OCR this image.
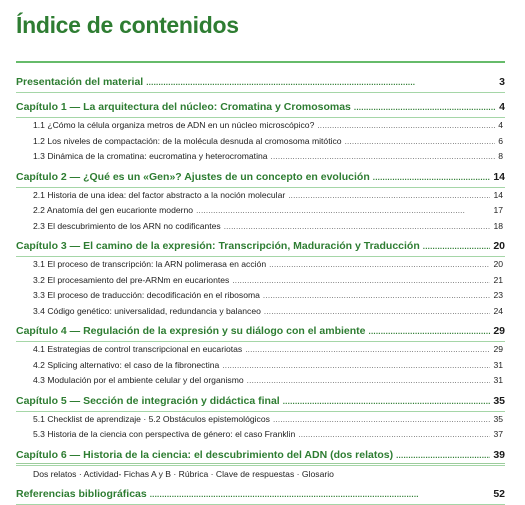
Índice de contenidos
Presentación del material . . .	3
Capítulo 1 — La arquitectura del núcleo: Cromatina y Cromosomas . . .	4
1.1 ¿Cómo la célula organiza metros de ADN en un núcleo microscópico? . . .	4
1.2 Los niveles de compactación: de la molécula desnuda al cromosoma mitótico . . .	6
1.3 Dinámica de la cromatina: eucromatina y heterocromatina . . .	8
Capítulo 2 — ¿Qué es un «Gen»? Ajustes de un concepto en evolución . . .	14
2.1 Historia de una idea: del factor abstracto a la noción molecular . . .	14
2.2 Anatomía del gen eucarionte moderno . . .	17
2.3 El descubrimiento de los ARN no codificantes . . .	18
Capítulo 3 — El camino de la expresión: Transcripción, Maduración y Traducción . . .	20
3.1 El proceso de transcripción: la ARN polimerasa en acción . . .	20
3.2 El procesamiento del pre-ARNm en eucariontes . . .	21
3.3 El proceso de traducción: decodificación en el ribosoma . . .	23
3.4 Código genético: universalidad, redundancia y balanceo . . .	24
Capítulo 4 — Regulación de la expresión y su diálogo con el ambiente . . .	29
4.1 Estrategias de control transcripcional en eucariotas . . .	29
4.2 Splicing alternativo: el caso de la fibronectina . . .	31
4.3 Modulación por el ambiente celular y del organismo . . .	31
Capítulo 5 — Sección de integración y didáctica final . . .	35
5.1 Checklist de aprendizaje · 5.2 Obstáculos epistemológicos . . .	35
5.3 Historia de la ciencia con perspectiva de género: el caso Franklin . . .	37
Capítulo 6 — Historia de la ciencia: el descubrimiento del ADN (dos relatos) . . .	39
Dos relatos · Actividad- Fichas A y B · Rúbrica · Clave de respuestas · Glosario
Referencias bibliográficas . . .	52
